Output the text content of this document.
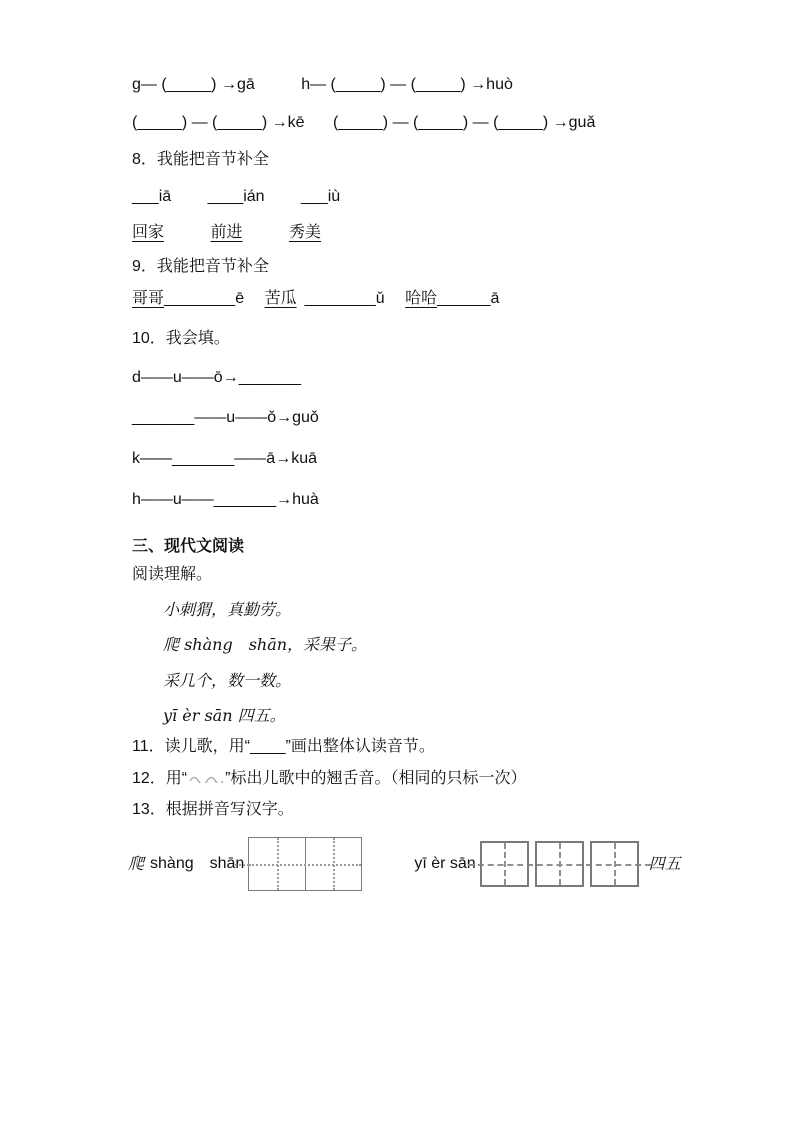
g— (_____) →gā	h— (_____) — (_____) →huò
(_____) — (_____) →kē (_____) — (_____) — (_____) →guǎ
8．我能把音节补全
___iā ____ián ___iù
回家	前进	秀美
9．我能把音节补全
哥哥________ē 苦瓜 ________ǔ 哈哈______ā
10．我会填。
d——u——ō→_______
_______——u——ǒ→guǒ
k——_______——ā→kuā
h——u——_______→huà
三、现代文阅读
阅读理解。
小刺猬，真勤劳。
爬 shàng　shān，采果子。
采几个，数一数。
yī èr sān 四五。
11．读儿歌，用“____”画出整体认读音节。
12．用“ ”标出儿歌中的翘舌音。（相同的只标一次）
13．根据拼音写汉字。
爬 shàng　shān	yī èr sān	四五
